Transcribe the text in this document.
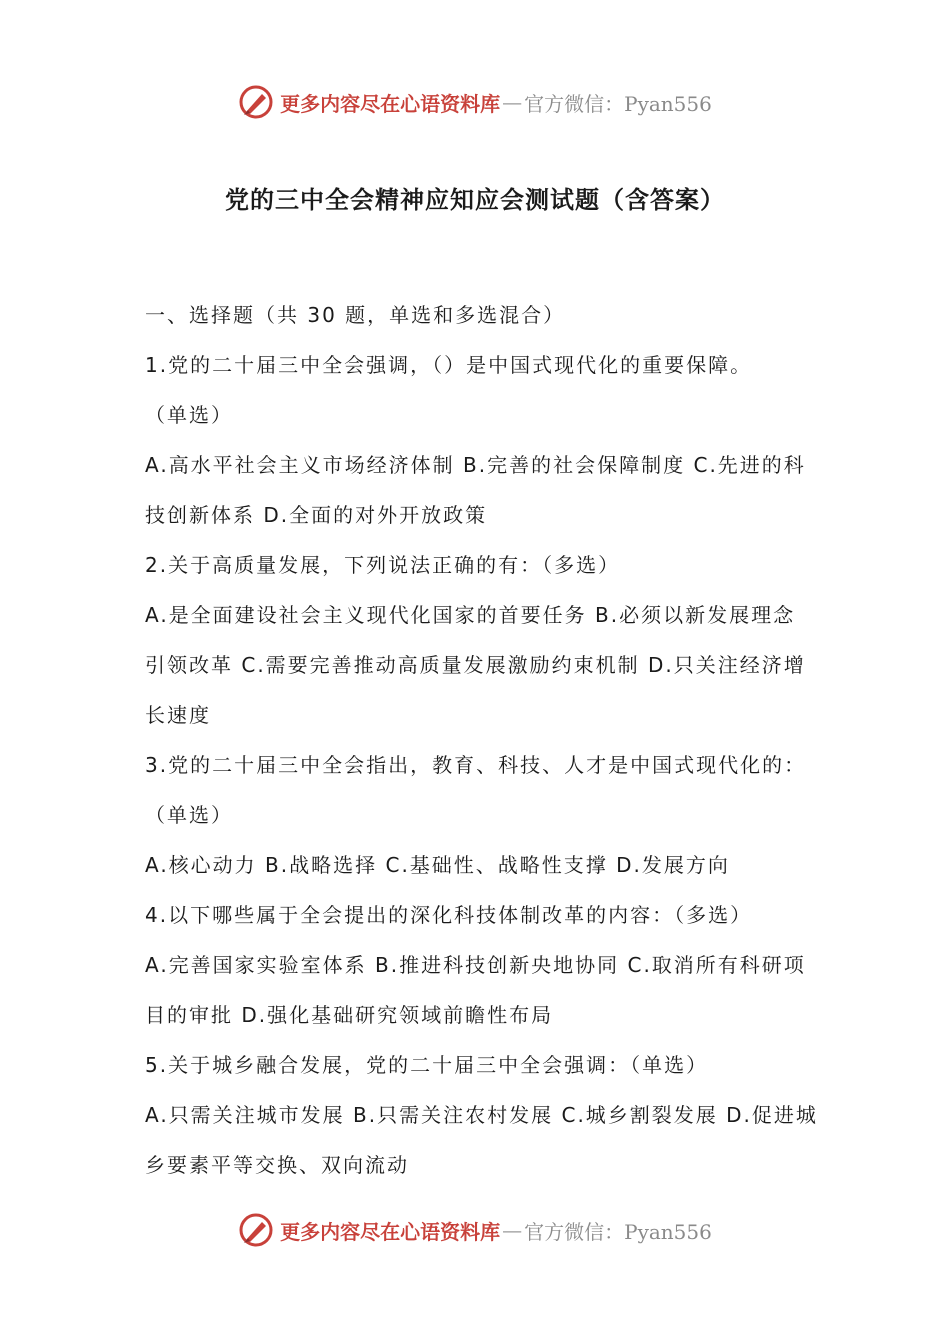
更多内容尽在心语资料库 — 官方微信：Pyan556
党的三中全会精神应知应会测试题（含答案）
一、选择题（共 30 题，单选和多选混合）
1.党的二十届三中全会强调，（）是中国式现代化的重要保障。
（单选）
A.高水平社会主义市场经济体制 B.完善的社会保障制度 C.先进的科
技创新体系 D.全面的对外开放政策
2.关于高质量发展，下列说法正确的有：（多选）
A.是全面建设社会主义现代化国家的首要任务 B.必须以新发展理念
引领改革 C.需要完善推动高质量发展激励约束机制 D.只关注经济增
长速度
3.党的二十届三中全会指出，教育、科技、人才是中国式现代化的：
（单选）
A.核心动力 B.战略选择 C.基础性、战略性支撑 D.发展方向
4.以下哪些属于全会提出的深化科技体制改革的内容：（多选）
A.完善国家实验室体系 B.推进科技创新央地协同 C.取消所有科研项
目的审批 D.强化基础研究领域前瞻性布局
5.关于城乡融合发展，党的二十届三中全会强调：（单选）
A.只需关注城市发展 B.只需关注农村发展 C.城乡割裂发展 D.促进城
乡要素平等交换、双向流动
更多内容尽在心语资料库 — 官方微信：Pyan556
